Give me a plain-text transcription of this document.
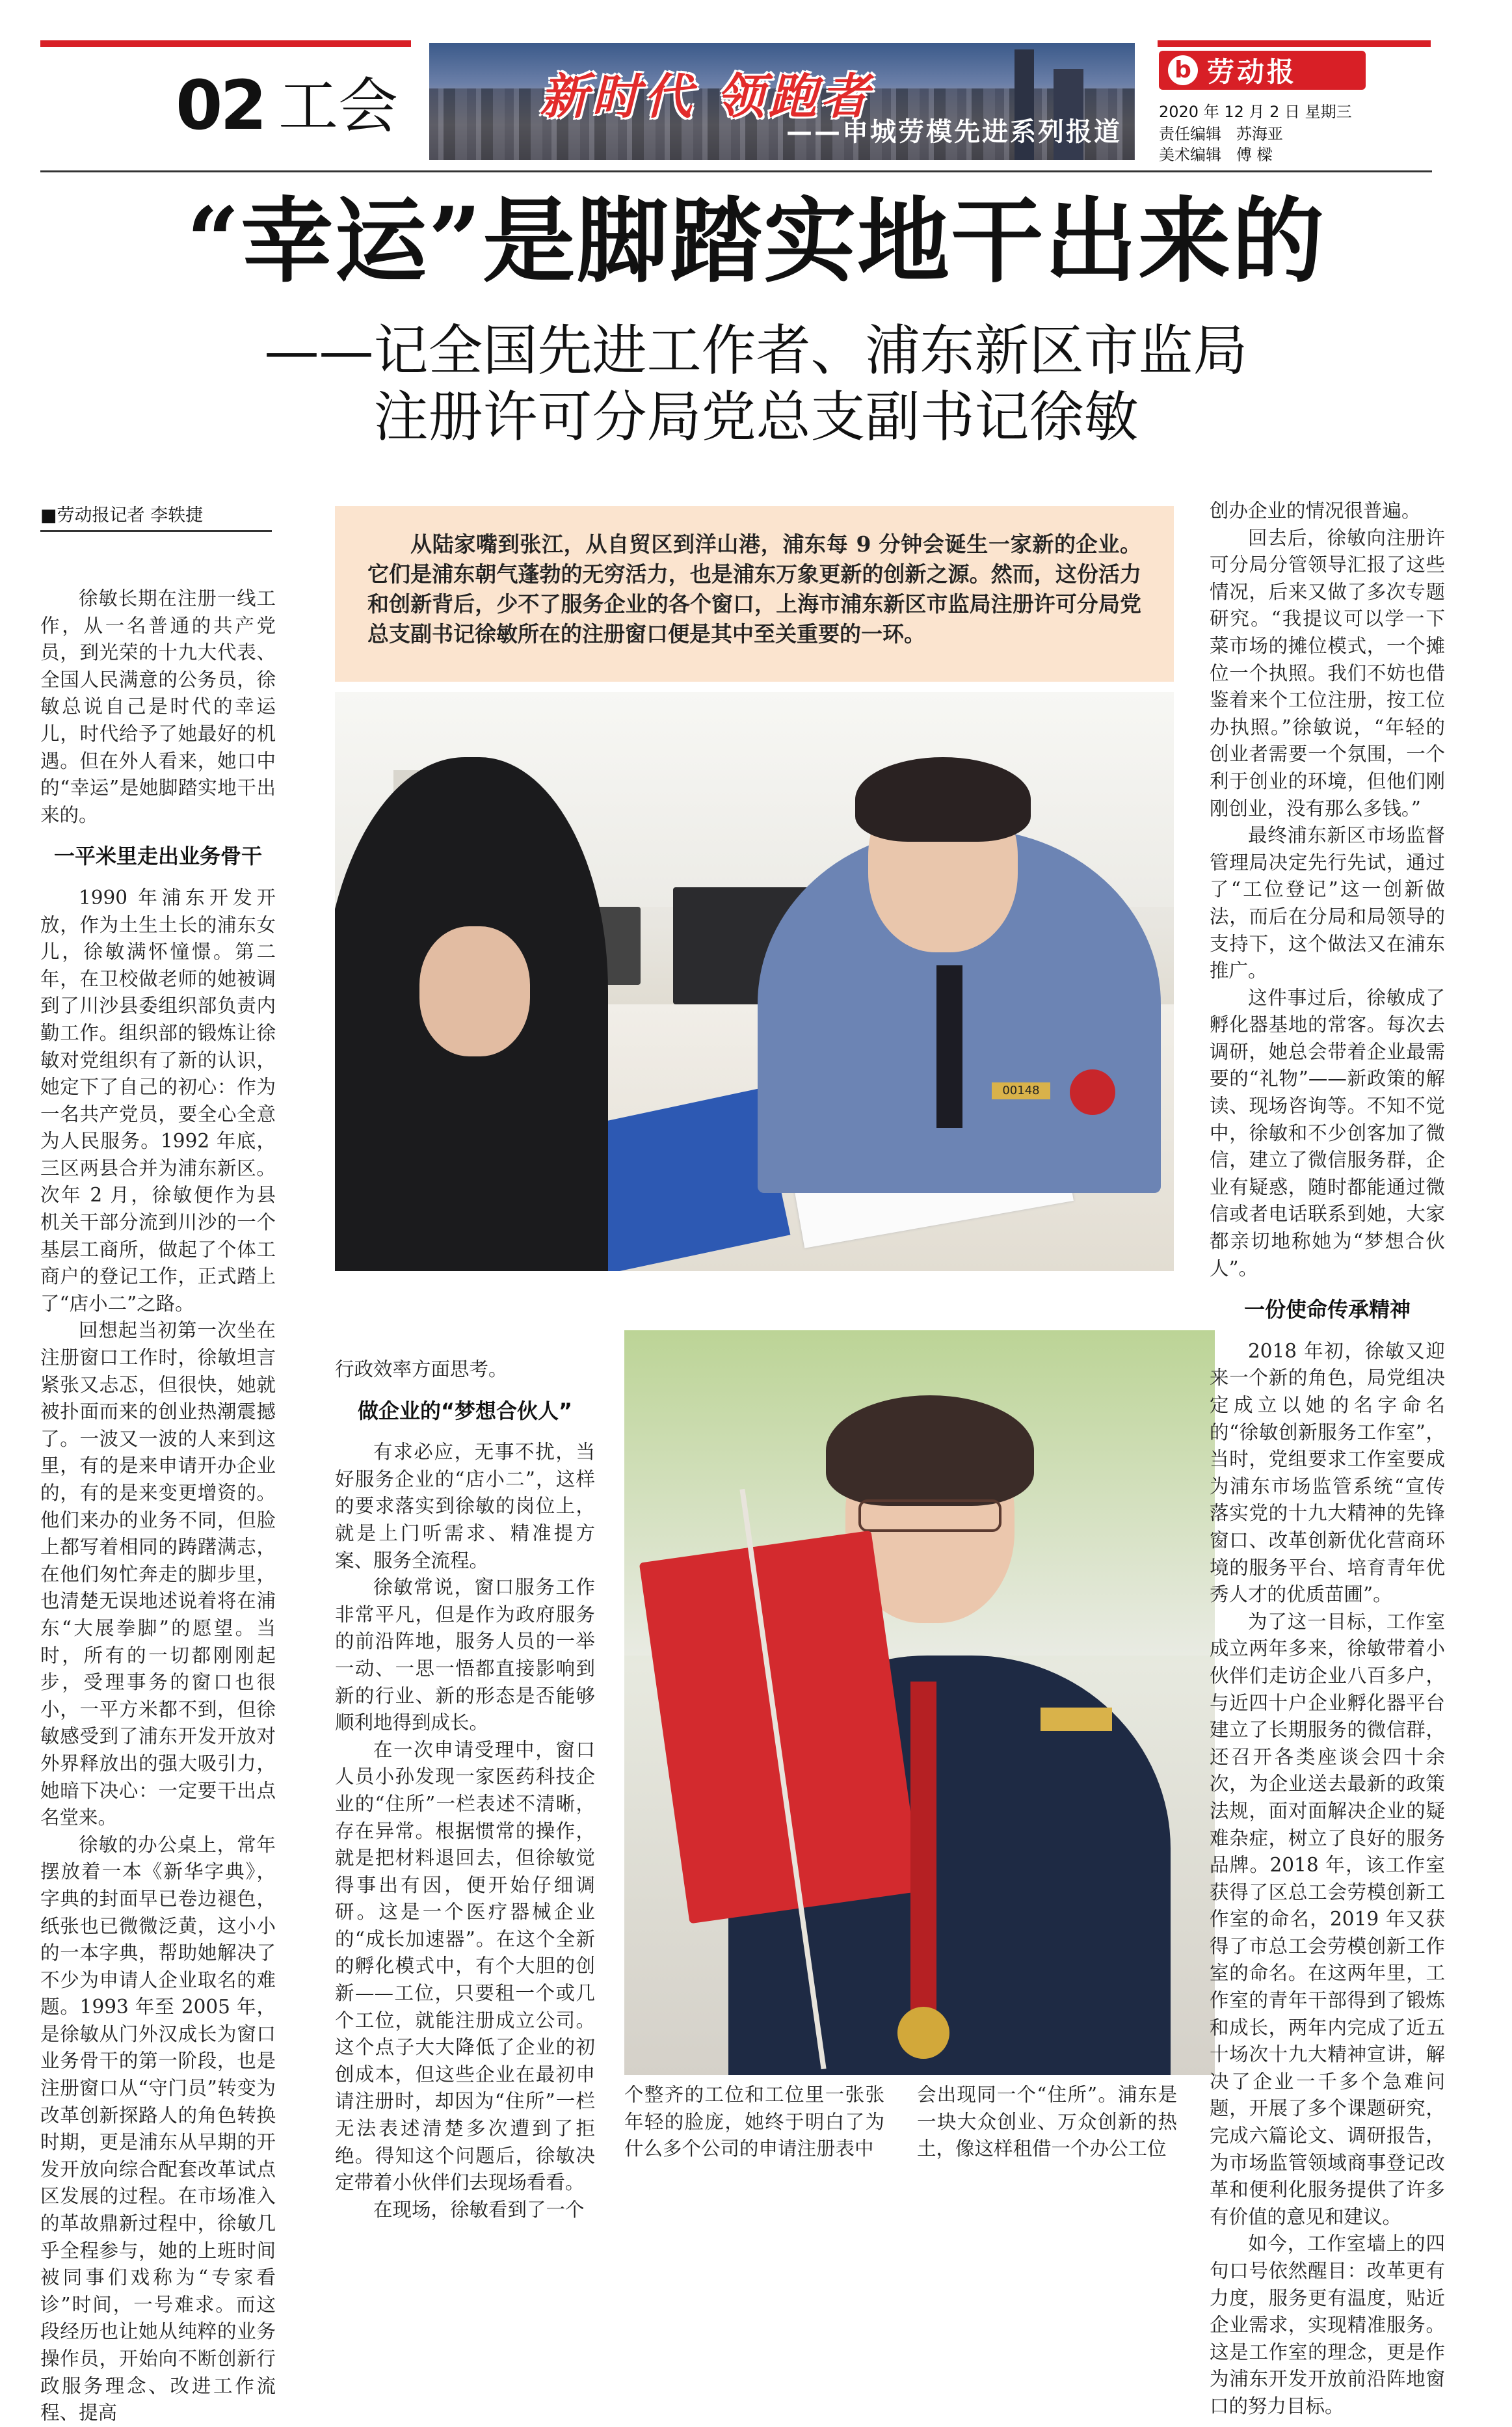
02 工会	新时代 领跑者
——申城劳模先进系列报道
b 劳动报
2020 年 12 月 2 日 星期三
责任编辑 苏海亚
美术编辑 傅 樑
“幸运”是脚踏实地干出来的
——记全国先进工作者、浦东新区市监局
注册许可分局党总支副书记徐敏
■劳动报记者 李轶捷
从陆家嘴到张江，从自贸区到洋山港，浦东每 9 分钟会诞生一家新的企业。它们是浦东朝气蓬勃的无穷活力，也是浦东万象更新的创新之源。然而，这份活力和创新背后，少不了服务企业的各个窗口，上海市浦东新区市监局注册许可分局党总支副书记徐敏所在的注册窗口便是其中至关重要的一环。
00148

徐敏长期在注册一线工作，从一名普通的共产党员，到光荣的十九大代表、全国人民满意的公务员，徐敏总说自己是时代的幸运儿，时代给予了她最好的机遇。但在外人看来，她口中的“幸运”是她脚踏实地干出来的。

一平米里走出业务骨干

1990 年浦东开发开放，作为土生土长的浦东女儿，徐敏满怀憧憬。第二年，在卫校做老师的她被调到了川沙县委组织部负责内勤工作。组织部的锻炼让徐敏对党组织有了新的认识，她定下了自己的初心：作为一名共产党员，要全心全意为人民服务。1992 年底，三区两县合并为浦东新区。次年 2 月，徐敏便作为县机关干部分流到川沙的一个基层工商所，做起了个体工商户的登记工作，正式踏上了“店小二”之路。

回想起当初第一次坐在注册窗口工作时，徐敏坦言紧张又忐忑，但很快，她就被扑面而来的创业热潮震撼了。一波又一波的人来到这里，有的是来申请开办企业的，有的是来变更增资的。他们来办的业务不同，但脸上都写着相同的踌躇满志，在他们匆忙奔走的脚步里，也清楚无误地述说着将在浦东“大展拳脚”的愿望。当时，所有的一切都刚刚起步，受理事务的窗口也很小，一平方米都不到，但徐敏感受到了浦东开发开放对外界释放出的强大吸引力，她暗下决心：一定要干出点名堂来。

徐敏的办公桌上，常年摆放着一本《新华字典》，字典的封面早已卷边褪色，纸张也已微微泛黄，这小小的一本字典，帮助她解决了不少为申请人企业取名的难题。1993 年至 2005 年，是徐敏从门外汉成长为窗口业务骨干的第一阶段，也是注册窗口从“守门员”转变为改革创新探路人的角色转换时期，更是浦东从早期的开发开放向综合配套改革试点区发展的过程。在市场准入的革故鼎新过程中，徐敏几乎全程参与，她的上班时间被同事们戏称为“专家看诊”时间，一号难求。而这段经历也让她从纯粹的业务操作员，开始向不断创新行政服务理念、改进工作流程、提高

行政效率方面思考。

做企业的“梦想合伙人”

有求必应，无事不扰，当好服务企业的“店小二”，这样的要求落实到徐敏的岗位上，就是上门听需求、精准提方案、服务全流程。

徐敏常说，窗口服务工作非常平凡，但是作为政府服务的前沿阵地，服务人员的一举一动、一思一悟都直接影响到新的行业、新的形态是否能够顺利地得到成长。

在一次申请受理中，窗口人员小孙发现一家医药科技企业的“住所”一栏表述不清晰，存在异常。根据惯常的操作，就是把材料退回去，但徐敏觉得事出有因，便开始仔细调研。这是一个医疗器械企业的“成长加速器”。在这个全新的孵化模式中，有个大胆的创新——工位，只要租一个或几个工位，就能注册成立公司。这个点子大大降低了企业的初创成本，但这些企业在最初申请注册时，却因为“住所”一栏无法表述清楚多次遭到了拒绝。得知这个问题后，徐敏决定带着小伙伴们去现场看看。

在现场，徐敏看到了一个

个整齐的工位和工位里一张张年轻的脸庞，她终于明白了为什么多个公司的申请注册表中

会出现同一个“住所”。浦东是一块大众创业、万众创新的热土，像这样租借一个办公工位

创办企业的情况很普遍。

回去后，徐敏向注册许可分局分管领导汇报了这些情况，后来又做了多次专题研究。“我提议可以学一下菜市场的摊位模式，一个摊位一个执照。我们不妨也借鉴着来个工位注册，按工位办执照。”徐敏说，“年轻的创业者需要一个氛围，一个利于创业的环境，但他们刚刚创业，没有那么多钱。”

最终浦东新区市场监督管理局决定先行先试，通过了“工位登记”这一创新做法，而后在分局和局领导的支持下，这个做法又在浦东推广。

这件事过后，徐敏成了孵化器基地的常客。每次去调研，她总会带着企业最需要的“礼物”——新政策的解读、现场咨询等。不知不觉中，徐敏和不少创客加了微信，建立了微信服务群，企业有疑惑，随时都能通过微信或者电话联系到她，大家都亲切地称她为“梦想合伙人”。

一份使命传承精神

2018 年初，徐敏又迎来一个新的角色，局党组决定成立以她的名字命名的“徐敏创新服务工作室”，当时，党组要求工作室要成为浦东市场监管系统“宣传落实党的十九大精神的先锋窗口、改革创新优化营商环境的服务平台、培育青年优秀人才的优质苗圃”。

为了这一目标，工作室成立两年多来，徐敏带着小伙伴们走访企业八百多户，与近四十户企业孵化器平台建立了长期服务的微信群，还召开各类座谈会四十余次，为企业送去最新的政策法规，面对面解决企业的疑难杂症，树立了良好的服务品牌。2018 年，该工作室获得了区总工会劳模创新工作室的命名，2019 年又获得了市总工会劳模创新工作室的命名。在这两年里，工作室的青年干部得到了锻炼和成长，两年内完成了近五十场次十九大精神宣讲，解决了企业一千多个急难问题，开展了多个课题研究，完成六篇论文、调研报告，为市场监管领域商事登记改革和便利化服务提供了许多有价值的意见和建议。

如今，工作室墙上的四句口号依然醒目：改革更有力度，服务更有温度，贴近企业需求，实现精准服务。这是工作室的理念，更是作为浦东开发开放前沿阵地窗口的努力目标。
